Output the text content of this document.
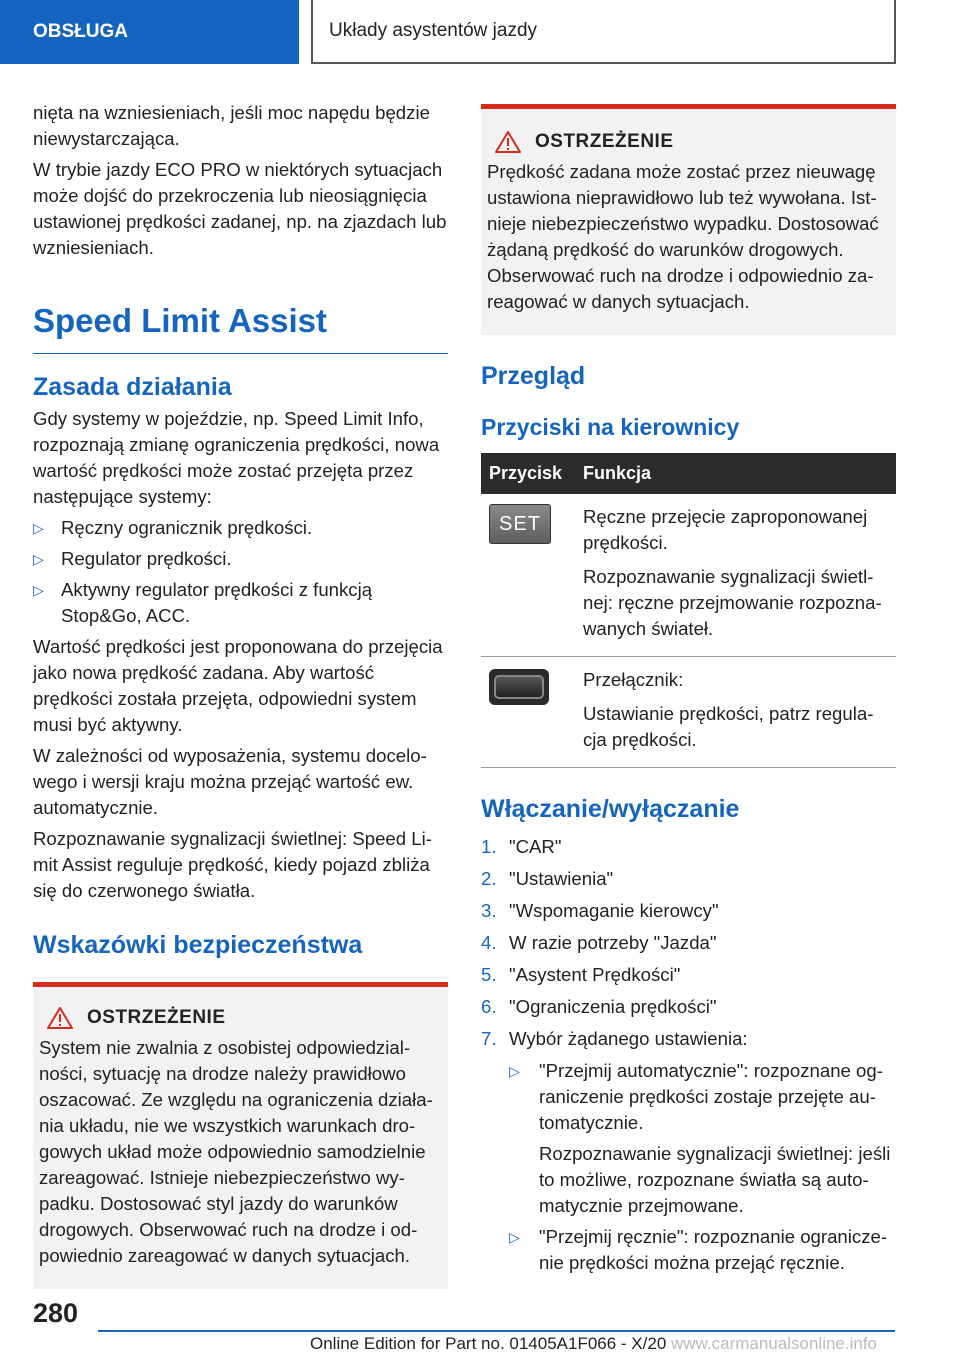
OBSŁUGA	Układy asystentów jazdy

nięta na wzniesieniach, jeśli moc napędu będzie niewystarczająca.

W trybie jazdy ECO PRO w niektórych sytuacjach może dojść do przekroczenia lub nieosiągnięcia ustawionej prędkości zadanej, np. na zjazdach lub wzniesieniach.

Speed Limit Assist
Zasada działania

Gdy systemy w pojeździe, np. Speed Limit Info, rozpoznają zmianę ograniczenia prędkości, nowa wartość prędkości może zostać przejęta przez następujące systemy:

▷ Ręczny ogranicznik prędkości.
▷ Regulator prędkości.
▷ Aktywny regulator prędkości z funkcją Stop&Go, ACC.

Wartość prędkości jest proponowana do przejęcia jako nowa prędkość zadana. Aby wartość prędkości została przejęta, odpowiedni system musi być aktywny.

W zależności od wyposażenia, systemu docelowego i wersji kraju można przejąć wartość ew. automatycznie.

Rozpoznawanie sygnalizacji świetlnej: Speed Limit Assist reguluje prędkość, kiedy pojazd zbliża się do czerwonego światła.

Wskazówki bezpieczeństwa
OSTRZEŻENIE

System nie zwalnia z osobistej odpowiedzialności, sytuację na drodze należy prawidłowo oszacować. Ze względu na ograniczenia działania układu, nie we wszystkich warunkach drogowych układ może odpowiednio samodzielnie zareagować. Istnieje niebezpieczeństwo wypadku. Dostosować styl jazdy do warunków drogowych. Obserwować ruch na drodze i odpowiednio zareagować w danych sytuacjach.

OSTRZEŻENIE

Prędkość zadana może zostać przez nieuwagę ustawiona nieprawidłowo lub też wywołana. Istnieje niebezpieczeństwo wypadku. Dostosować żądaną prędkość do warunków drogowych. Obserwować ruch na drodze i odpowiednio zareagować w danych sytuacjach.

Przegląd
Przyciski na kierownicy
Przycisk	Funkcja

SET	Ręczne przejęcie zaproponowanej prędkości.

Rozpoznawanie sygnalizacji świetlnej: ręczne przejmowanie rozpoznawanych świateł.

	Przełącznik:

Ustawianie prędkości, patrz regulacja prędkości.

Włączanie/wyłączanie
1. "CAR"
2. "Ustawienia"
3. "Wspomaganie kierowcy"
4. W razie potrzeby "Jazda"
5. "Asystent Prędkości"
6. "Ograniczenia prędkości"
7. Wybór żądanego ustawienia:
▷ "Przejmij automatycznie": rozpoznane ograniczenie prędkości zostaje przejęte automatycznie.

Rozpoznawanie sygnalizacji świetlnej: jeśli to możliwe, rozpoznane światła są automatycznie przejmowane.

▷ "Przejmij ręcznie": rozpoznanie ograniczenie prędkości można przejąć ręcznie.

280
Online Edition for Part no. 01405A1F066 - X/20 www.carmanualsonline.info
